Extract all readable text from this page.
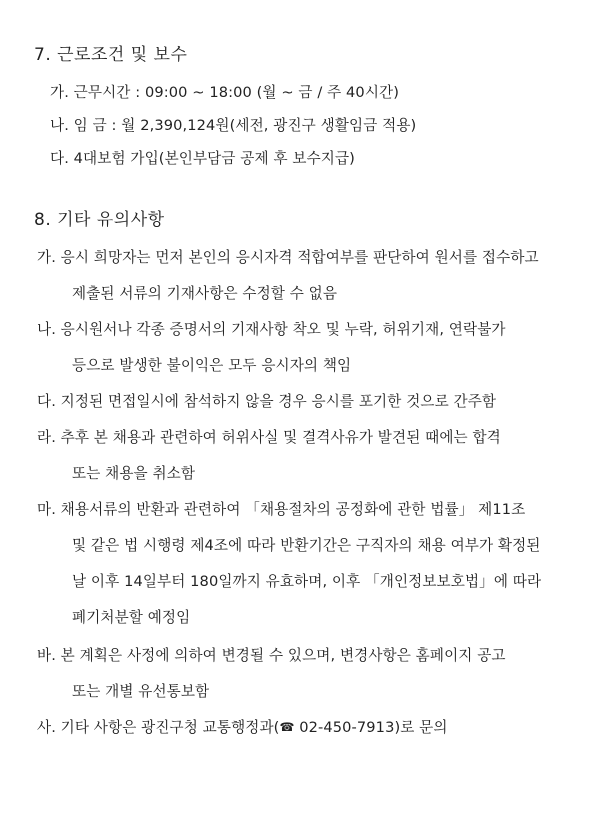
7. 근로조건 및 보수
가. 근무시간 : 09:00 ~ 18:00 (월 ~ 금 / 주 40시간)
나. 임 금 : 월 2,390,124원(세전, 광진구 생활임금 적용)
다. 4대보험 가입(본인부담금 공제 후 보수지급)
8. 기타 유의사항
가. 응시 희망자는 먼저 본인의 응시자격 적합여부를 판단하여 원서를 접수하고
제출된 서류의 기재사항은 수정할 수 없음
나. 응시원서나 각종 증명서의 기재사항 착오 및 누락, 허위기재, 연락불가
등으로 발생한 불이익은 모두 응시자의 책임
다. 지정된 면접일시에 참석하지 않을 경우 응시를 포기한 것으로 간주함
라. 추후 본 채용과 관련하여 허위사실 및 결격사유가 발견된 때에는 합격
또는 채용을 취소함
마. 채용서류의 반환과 관련하여 「채용절차의 공정화에 관한 법률」 제11조
및 같은 법 시행령 제4조에 따라 반환기간은 구직자의 채용 여부가 확정된
날 이후 14일부터 180일까지 유효하며, 이후 「개인정보보호법」에 따라
폐기처분할 예정임
바. 본 계획은 사정에 의하여 변경될 수 있으며, 변경사항은 홈페이지 공고
또는 개별 유선통보함
사. 기타 사항은 광진구청 교통행정과(☎ 02-450-7913)로 문의
